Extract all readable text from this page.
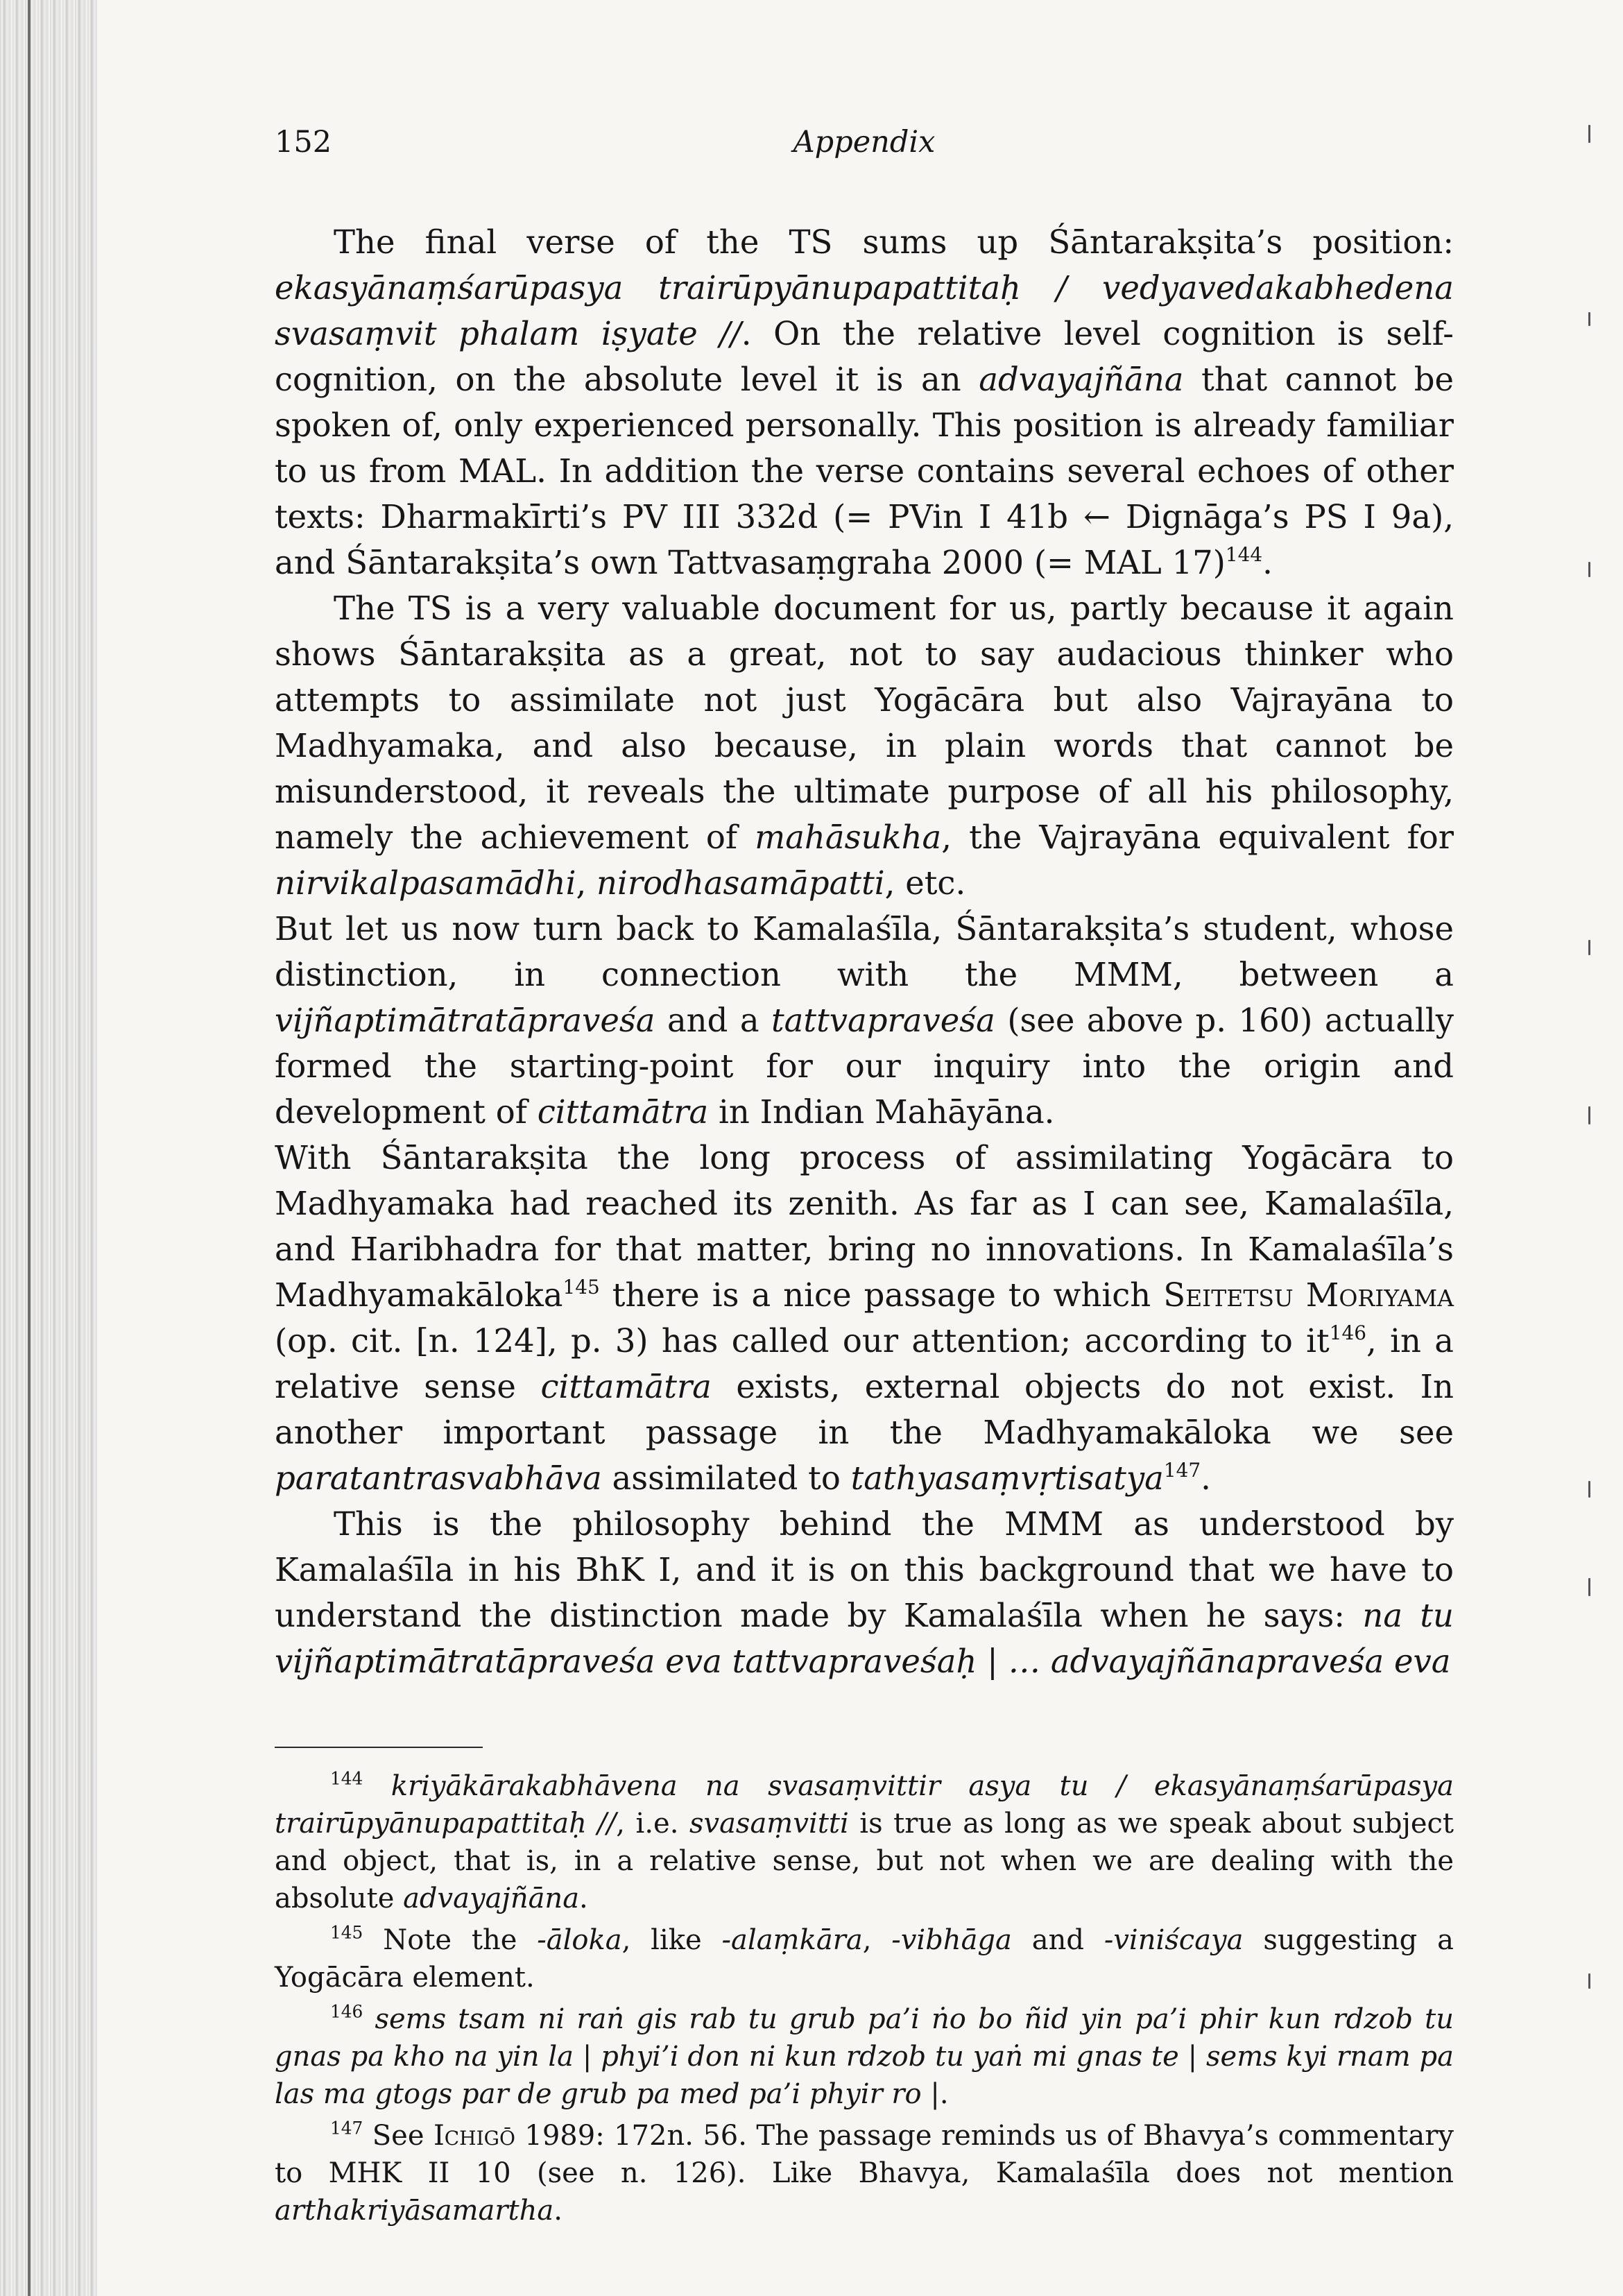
152	Appendix

The final verse of the TS sums up Śāntarakṣita’s position: ekasyānaṃśarūpasya trairūpyānupapattitaḥ / vedyavedakabhedena svasaṃvit phalam iṣyate //. On the relative level cognition is self-cognition, on the absolute level it is an advayajñāna that cannot be spoken of, only experienced personally. This position is already familiar to us from MAL. In addition the verse contains several echoes of other texts: Dharmakīrti’s PV III 332d (= PVin I 41b ← Dignāga’s PS I 9a), and Śāntarakṣita’s own Tattvasaṃgraha 2000 (= MAL 17)$^{144}$.

The TS is a very valuable document for us, partly because it again shows Śāntarakṣita as a great, not to say audacious thinker who attempts to assimilate not just Yogācāra but also Vajrayāna to Madhyamaka, and also because, in plain words that cannot be misunderstood, it reveals the ultimate purpose of all his philosophy, namely the achievement of mahāsukha, the Vajrayāna equivalent for nirvikalpasamādhi, nirodhasamāpatti, etc.

But let us now turn back to Kamalaśīla, Śāntarakṣita’s student, whose distinction, in connection with the MMM, between a vijñaptimātratāpraveśa and a tattvapraveśa (see above p. 160) actually formed the starting-point for our inquiry into the origin and development of cittamātra in Indian Mahāyāna.

With Śāntarakṣita the long process of assimilating Yogācāra to Madhyamaka had reached its zenith. As far as I can see, Kamalaśīla, and Haribhadra for that matter, bring no innovations. In Kamalaśīla’s Madhyamakāloka$^{145}$ there is a nice passage to which Seitetsu Moriyama (op. cit. [n. 124], p. 3) has called our attention; according to $it^{146}$, in a relative sense cittamātra exists, external objects do not exist. In another important passage in the Madhyamakāloka we see paratantrasvabhāva assimilated to tathyasaṃvṛtisatya$^{147}$.

This is the philosophy behind the MMM as understood by Kamalaśīla in his BhK I, and it is on this background that we have to understand the distinction made by Kamalaśīla when he says: na tu vijñaptimātratāpraveśa eva tattvapraveśaḥ | … advayajñānapraveśa eva

$^{144}$ kriyākārakabhāvena na svasaṃvittir asya tu / ekasyānaṃśarūpasya trairūpyānupapattitaḥ //, i.e. svasaṃvitti is true as long as we speak about subject and object, that is, in a relative sense, but not when we are dealing with the absolute advayajñāna.

$^{145}$ Note the -āloka, like -alaṃkāra, -vibhāga and -viniścaya suggesting a Yogācāra element.

$^{146}$ sems tsam ni raṅ gis rab tu grub pa’i ṅo bo ñid yin pa’i phir kun rdzob tu gnas pa kho na yin la | phyi’i don ni kun rdzob tu yaṅ mi gnas te | sems kyi rnam pa las ma gtogs par de grub pa med pa’i phyir ro |.

$^{147}$ See Ichigō 1989: 172n. 56. The passage reminds us of Bhavya’s commentary to MHK II 10 (see n. 126). Like Bhavya, Kamalaśīla does not mention arthakriyāsamartha.
